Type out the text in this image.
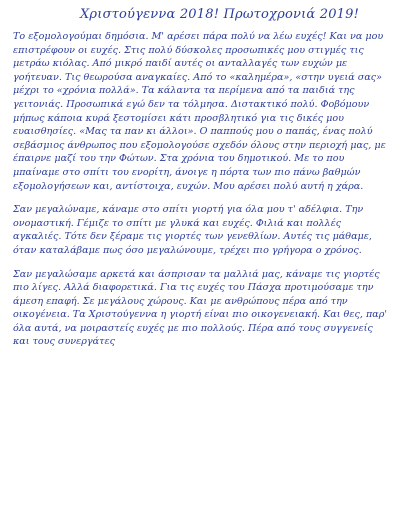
Χριστούγεννα 2018! Πρωτοχρονιά 2019!
Το εξομολογούμαι δημόσια. Μ' αρέσει πάρα πολύ να λέω ευχές! Και να μου επιστρέφουν οι ευχές. Στις πολύ δύσκολες προσωπικές μου στιγμές τις μετράω κιόλας. Από μικρό παιδί αυτές οι ανταλλαγές των ευχών με γοήτευαν. Τις θεωρούσα αναγκαίες. Από το «καλημέρα», «στην υγειά σας» μέχρι το «χρόνια πολλά». Τα κάλαντα τα περίμενα από τα παιδιά της γειτονιάς. Προσωπικά εγώ δεν τα τόλμησα. Διστακτικό πολύ. Φοβόμουν μήπως κάποια κυρά ξεστομίσει κάτι προσβλητικό για τις δικές μου ευαισθησίες. «Μας τα παν κι άλλοι». Ο παππούς μου ο παπάς, ένας πολύ σεβάσμιος άνθρωπος που εξομολογούσε σχεδόν όλους στην περιοχή μας, με έπαιρνε μαζί του την Φώτων. Στα χρόνια του δημοτικού. Με το που μπαίναμε στο σπίτι του ενορίτη, άνοιγε η πόρτα των πιο πάνω βαθμών εξομολογήσεων και, αντίστοιχα, ευχών. Μου αρέσει πολύ αυτή η χάρα.
Σαν μεγαλώναμε, κάναμε στο σπίτι γιορτή για όλα μου τ' αδέλφια. Την ονομαστική. Γέμιζε το σπίτι με γλυκά και ευχές. Φιλιά και πολλές αγκαλιές. Τότε δεν ξέραμε τις γιορτές των γενεθλίων. Αυτές τις μάθαμε, όταν καταλάβαμε πως όσο μεγαλώνουμε, τρέχει πιο γρήγορα ο χρόνος.
Σαν μεγαλώσαμε αρκετά και άσπρισαν τα μαλλιά μας, κάναμε τις γιορτές πιο λίγες. Αλλά διαφορετικά. Για τις ευχές του Πάσχα προτιμούσαμε την άμεση επαφή. Σε μεγάλους χώρους. Και με ανθρώπους πέρα από την οικογένεια. Τα Χριστούγεννα η γιορτή είναι πιο οικογενειακή. Και θες, παρ' όλα αυτά, να μοιραστείς ευχές με πιο πολλούς. Πέρα από τους συγγενείς και τους συνεργάτες
